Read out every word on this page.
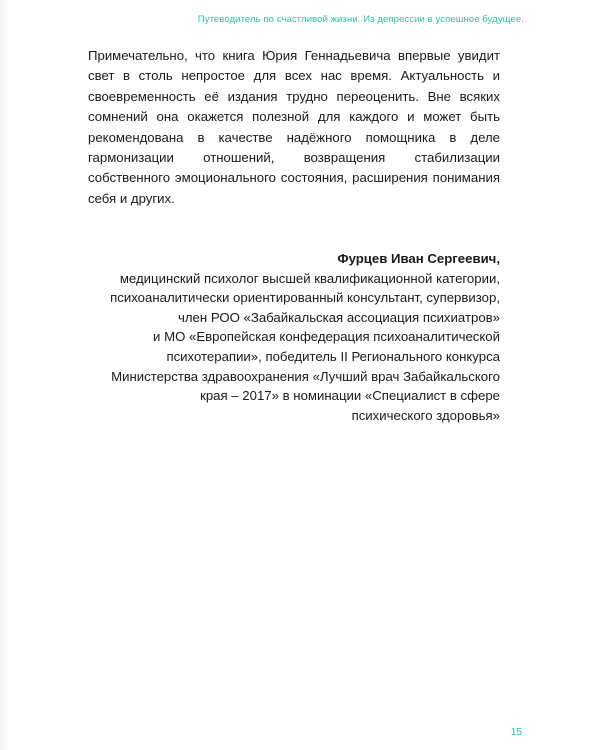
Путеводитель по счастливой жизни. Из депрессии в успешное будущее.

Примечательно, что книга Юрия Геннадьевича впервые увидит свет в столь непростое для всех нас время. Актуальность и своевременность её издания трудно переоценить. Вне всяких сомнений она окажется полезной для каждого и может быть рекомендована в качестве надёжного помощника в деле гармонизации отношений, возвращения стабилизации собственного эмоционального состояния, расширения понимания себя и других.

Фурцев Иван Сергеевич,
медицинский психолог высшей квалификационной категории,
психоаналитически ориентированный консультант, супервизор,
член РОО «Забайкальская ассоциация психиатров»
и МО «Европейская конфедерация психоаналитической
психотерапии», победитель II Регионального конкурса
Министерства здравоохранения «Лучший врач Забайкальского
края – 2017» в номинации «Специалист в сфере
психического здоровья»
15
